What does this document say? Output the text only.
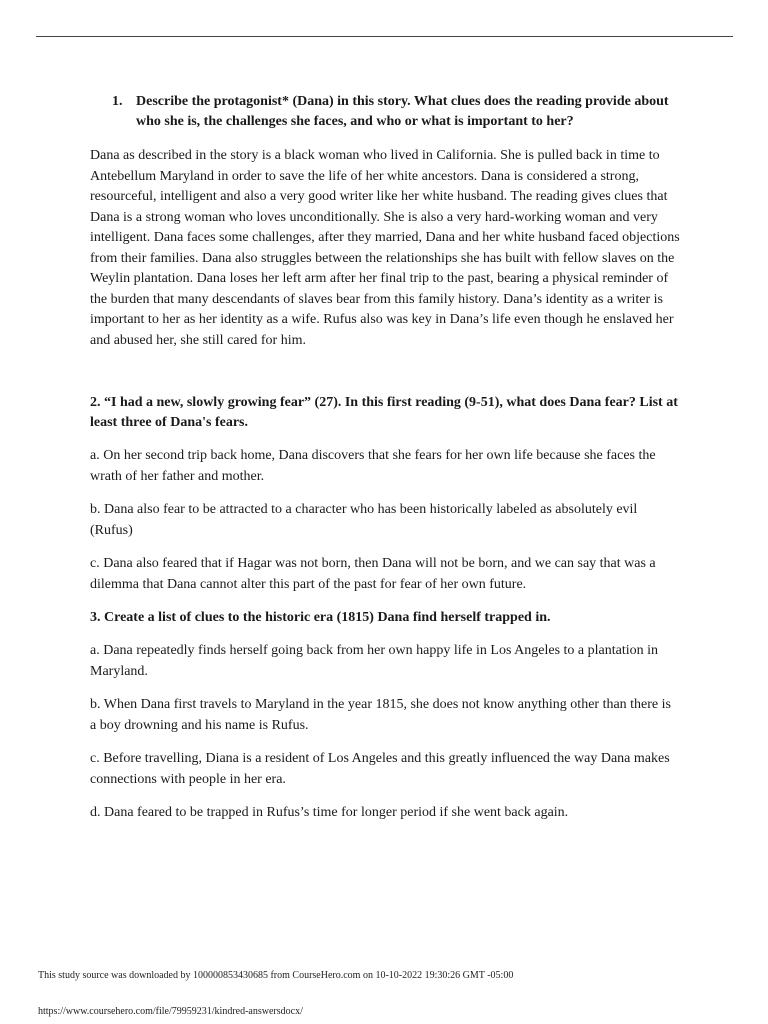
1. Describe the protagonist* (Dana) in this story. What clues does the reading provide about who she is, the challenges she faces, and who or what is important to her?

Dana as described in the story is a black woman who lived in California. She is pulled back in time to Antebellum Maryland in order to save the life of her white ancestors. Dana is considered a strong, resourceful, intelligent and also a very good writer like her white husband. The reading gives clues that Dana is a strong woman who loves unconditionally. She is also a very hard-working woman and very intelligent. Dana faces some challenges, after they married, Dana and her white husband faced objections from their families. Dana also struggles between the relationships she has built with fellow slaves on the Weylin plantation. Dana loses her left arm after her final trip to the past, bearing a physical reminder of the burden that many descendants of slaves bear from this family history. Dana’s identity as a writer is important to her as her identity as a wife. Rufus also was key in Dana’s life even though he enslaved her and abused her, she still cared for him.

2. “I had a new, slowly growing fear” (27). In this first reading (9-51), what does Dana fear? List at least three of Dana's fears.

a. On her second trip back home, Dana discovers that she fears for her own life because she faces the wrath of her father and mother.

b. Dana also fear to be attracted to a character who has been historically labeled as absolutely evil (Rufus)

c. Dana also feared that if Hagar was not born, then Dana will not be born, and we can say that was a dilemma that Dana cannot alter this part of the past for fear of her own future.

3. Create a list of clues to the historic era (1815) Dana find herself trapped in.

a. Dana repeatedly finds herself going back from her own happy life in Los Angeles to a plantation in Maryland.

b. When Dana first travels to Maryland in the year 1815, she does not know anything other than there is a boy drowning and his name is Rufus.

c. Before travelling, Diana is a resident of Los Angeles and this greatly influenced the way Dana makes connections with people in her era.

d. Dana feared to be trapped in Rufus’s time for longer period if she went back again.

This study source was downloaded by 100000853430685 from CourseHero.com on 10-10-2022 19:30:26 GMT -05:00
https://www.coursehero.com/file/79959231/kindred-answersdocx/
